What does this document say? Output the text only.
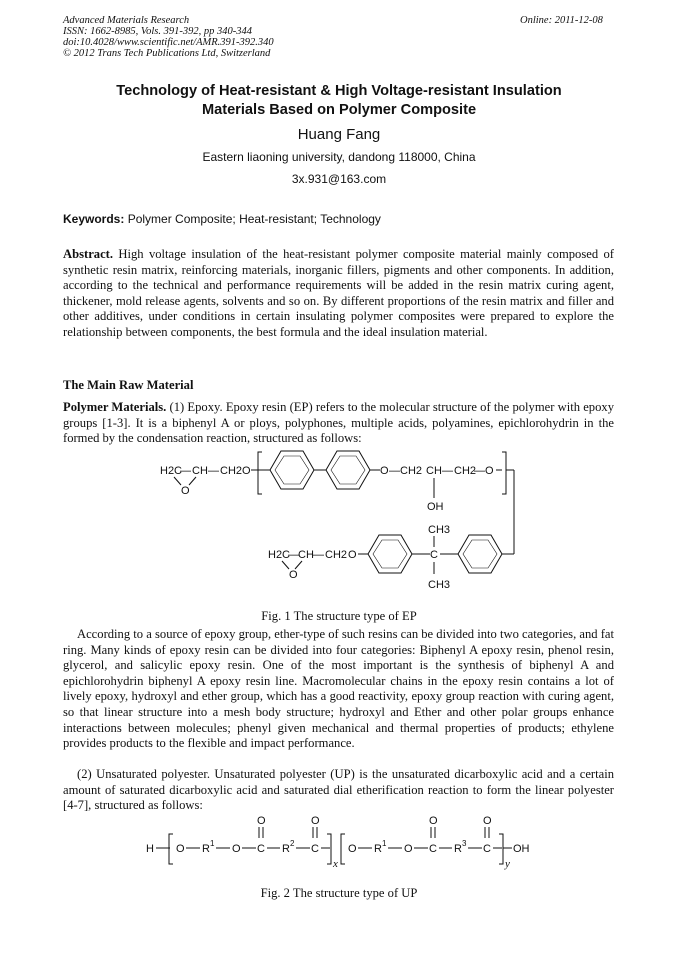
Advanced Materials Research
ISSN: 1662-8985, Vols. 391-392, pp 340-344
doi:10.4028/www.scientific.net/AMR.391-392.340
© 2012 Trans Tech Publications Ltd, Switzerland
Online: 2011-12-08
Technology of Heat-resistant & High Voltage-resistant Insulation
Materials Based on Polymer Composite
Huang Fang
Eastern liaoning university, dandong 118000, China
3x.931@163.com
Keywords: Polymer Composite; Heat-resistant; Technology
Abstract. High voltage insulation of the heat-resistant polymer composite material mainly composed of synthetic resin matrix, reinforcing materials, inorganic fillers, pigments and other components. In addition, according to the technical and performance requirements will be added in the resin matrix curing agent, thickener, mold release agents, solvents and so on. By different proportions of the resin matrix and filler and other additives, under conditions in certain insulating polymer composites were prepared to explore the relationship between components, the best formula and the ideal insulation material.
The Main Raw Material
Polymer Materials. (1) Epoxy. Epoxy resin (EP) refers to the molecular structure of the polymer with epoxy groups [1-3]. It is a biphenyl A or ploys, polyphones, multiple acids, polyamines, epichlorohydrin in the formed by the condensation reaction, structured as follows:
H2C
— CH — CH2 O
O
O — CH2 CH — CH2
— O
OH
H2C
— CH — CH2 O
O
C
CH3
CH3
Fig. 1 The structure type of EP
According to a source of epoxy group, ether-type of such resins can be divided into two categories, and fat ring. Many kinds of epoxy resin can be divided into four categories: Biphenyl A epoxy resin, phenol resin, glycerol, and salicylic epoxy resin. One of the most important is the synthesis of biphenyl A and epichlorohydrin biphenyl A epoxy resin line. Macromolecular chains in the epoxy resin contains a lot of lively epoxy, hydroxyl and ether group, which has a good reactivity, epoxy group reaction with curing agent, so that linear structure into a mesh body structure; hydroxyl and Ether and other polar groups enhance interactions between molecules; phenyl given mechanical and thermal properties of products; ethylene provides products to the flexible and impact performance.
(2) Unsaturated polyester. Unsaturated polyester (UP) is the unsaturated dicarboxylic acid and a certain amount of saturated dicarboxylic acid and saturated dial etherification reaction to form the linear polyester [4-7], structured as follows:
H O R 1 O C
O
R 2 C
O
x
O R 1 O C
O
R 3 C
O
y
OH
Fig. 2 The structure type of UP
